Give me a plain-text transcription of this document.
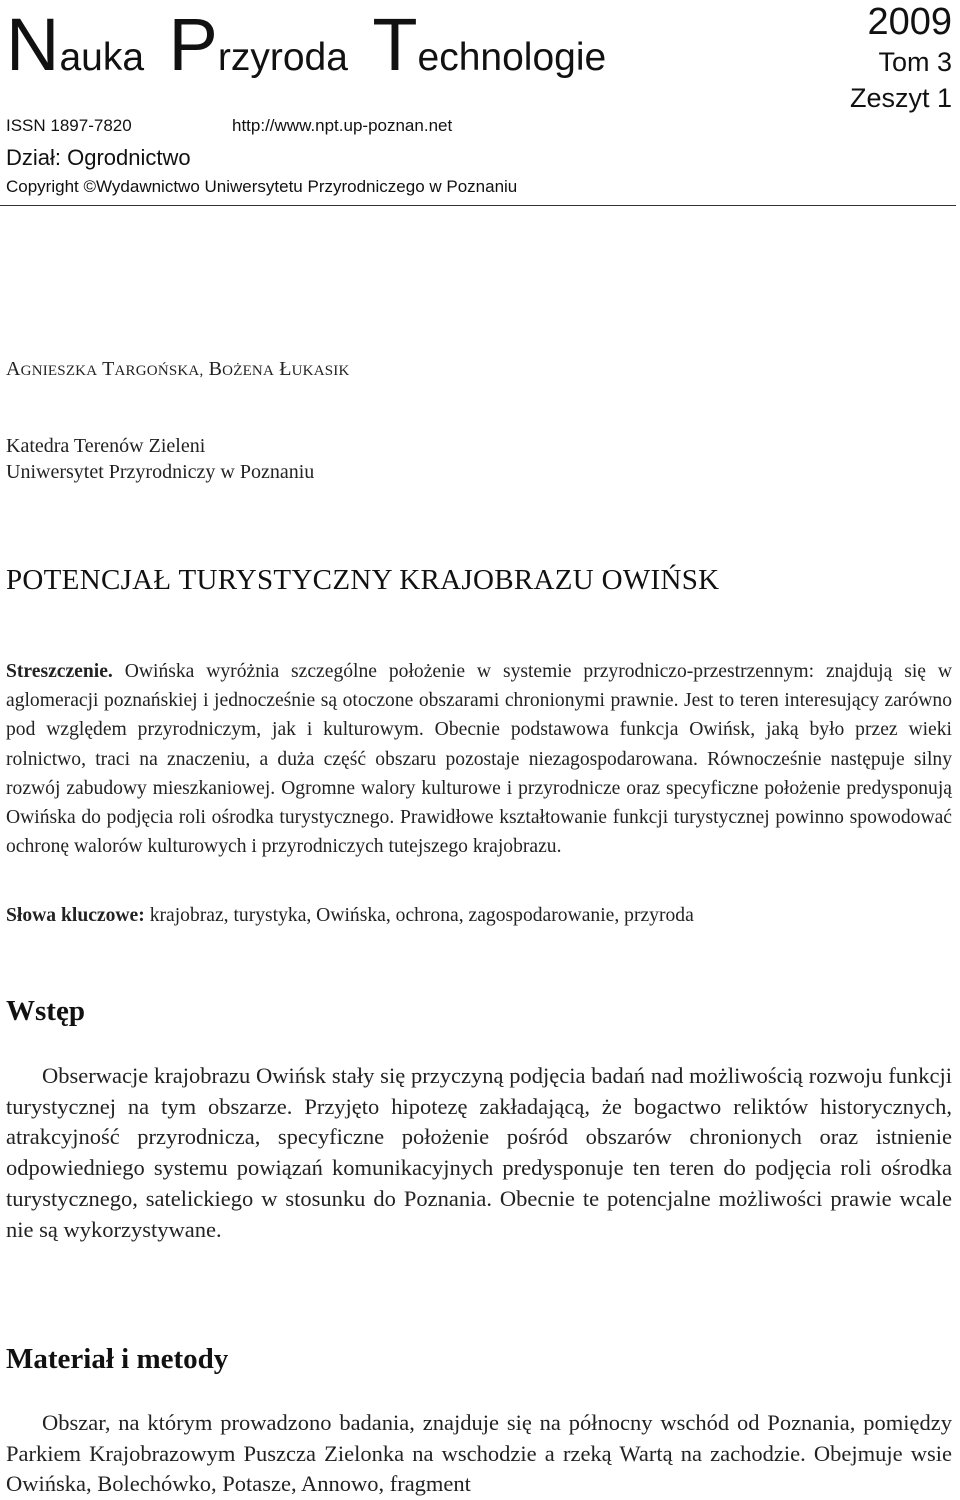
Nauka Przyroda Technologie
2009
Tom 3
Zeszyt 1
ISSN 1897-7820	http://www.npt.up-poznan.net
Dział: Ogrodnictwo
Copyright ©Wydawnictwo Uniwersytetu Przyrodniczego w Poznaniu
AGNIESZKA TARGOŃSKA, BOŻENA ŁUKASIK
Katedra Terenów Zieleni
Uniwersytet Przyrodniczy w Poznaniu
POTENCJAŁ TURYSTYCZNY KRAJOBRAZU OWIŃSK

Streszczenie. Owińska wyróżnia szczególne położenie w systemie przyrodniczo-przestrzennym: znajdują się w aglomeracji poznańskiej i jednocześnie są otoczone obszarami chronionymi prawnie. Jest to teren interesujący zarówno pod względem przyrodniczym, jak i kulturowym. Obecnie podstawowa funkcja Owińsk, jaką było przez wieki rolnictwo, traci na znaczeniu, a duża część obszaru pozostaje niezagospodarowana. Równocześnie następuje silny rozwój zabudowy mieszkaniowej. Ogromne walory kulturowe i przyrodnicze oraz specyficzne położenie predysponują Owińska do podjęcia roli ośrodka turystycznego. Prawidłowe kształtowanie funkcji turystycznej powinno spowodować ochronę walorów kulturowych i przyrodniczych tutejszego krajobrazu.

Słowa kluczowe: krajobraz, turystyka, Owińska, ochrona, zagospodarowanie, przyroda

Wstęp

Obserwacje krajobrazu Owińsk stały się przyczyną podjęcia badań nad możliwością rozwoju funkcji turystycznej na tym obszarze. Przyjęto hipotezę zakładającą, że bogactwo reliktów historycznych, atrakcyjność przyrodnicza, specyficzne położenie pośród obszarów chronionych oraz istnienie odpowiedniego systemu powiązań komunikacyjnych predysponuje ten teren do podjęcia roli ośrodka turystycznego, satelickiego w stosunku do Poznania. Obecnie te potencjalne możliwości prawie wcale nie są wykorzystywane.

Materiał i metody

Obszar, na którym prowadzono badania, znajduje się na północny wschód od Poznania, pomiędzy Parkiem Krajobrazowym Puszcza Zielonka na wschodzie a rzeką Wartą na zachodzie. Obejmuje wsie Owińska, Bolechówko, Potasze, Annowo, fragment
